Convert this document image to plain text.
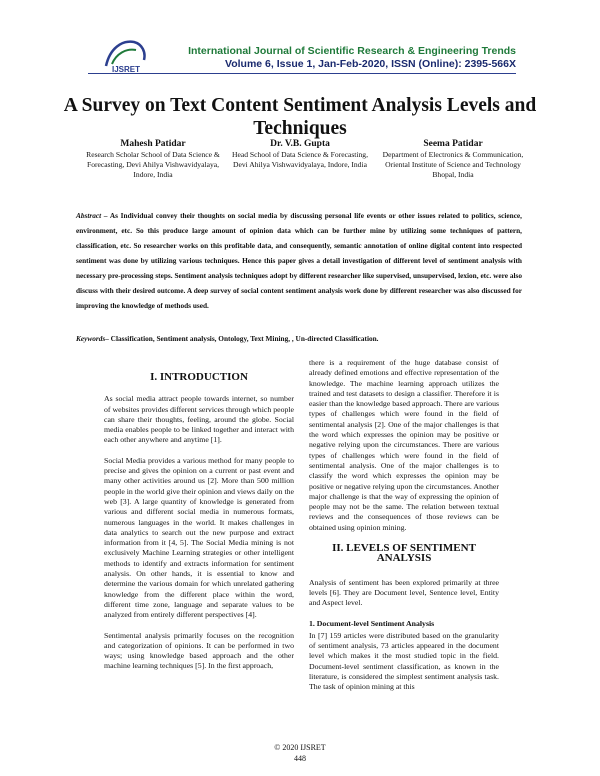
IJSRET
International Journal of Scientific Research & Engineering Trends
Volume 6, Issue 1, Jan-Feb-2020, ISSN (Online): 2395-566X
A Survey on Text Content Sentiment Analysis Levels and Techniques
Mahesh Patidar
Research Scholar School of Data Science & Forecasting, Devi Ahilya Vishwavidyalaya, Indore, India
Dr. V.B. Gupta
Head School of Data Science & Forecasting, Devi Ahilya Vishwavidyalaya, Indore, India
Seema Patidar
Department of Electronics & Communication, Oriental Institute of Science and Technology Bhopal, India
Abstract – As Individual convey their thoughts on social media by discussing personal life events or other issues related to politics, science, environment, etc. So this produce large amount of opinion data which can be further mine by utilizing some techniques of pattern, classification, etc. So researcher works on this profitable data, and consequently, semantic annotation of online digital content into respected sentiment was done by utilizing various techniques. Hence this paper gives a detail investigation of different level of sentiment analysis with necessary pre-processing steps. Sentiment analysis techniques adopt by different researcher like supervised, unsupervised, lexion, etc. were also discuss with their desired outcome. A deep survey of social content sentiment analysis work done by different researcher was also discussed for improving the knowledge of methods used.
Keywords– Classification, Sentiment analysis, Ontology, Text Mining, , Un-directed Classification.
I. INTRODUCTION

As social media attract people towards internet, so number of websites provides different services through which people can share their thoughts, feeling, around the globe. Social media enables people to be linked together and interact with each other anywhere and anytime [1].

Social Media provides a various method for many people to precise and gives the opinion on a current or past event and many other activities around us [2]. More than 500 million people in the world give their opinion and views daily on the web [3]. A large quantity of knowledge is generated from various and different social media in numerous formats, numerous languages in the world. It makes challenges in data analytics to search out the new purpose and extract information from it [4, 5]. The Social Media mining is not exclusively Machine Learning strategies or other intelligent methods to identify and extracts information for sentiment analysis. On other hands, it is essential to know and determine the various domain for which unrelated gathering knowledge from the different place within the word, different time zone, language and separate values to be analyzed from entirely different perspectives [4].

Sentimental analysis primarily focuses on the recognition and categorization of opinions. It can be performed in two ways; using knowledge based approach and the other machine learning techniques [5]. In the first approach,

there is a requirement of the huge database consist of already defined emotions and effective representation of the knowledge. The machine learning approach utilizes the trained and test datasets to design a classifier. Therefore it is easier than the knowledge based approach. There are various types of challenges which were found in the field of sentimental analysis [2]. One of the major challenges is that the word which expresses the opinion may be positive or negative relying upon the circumstances. There are various types of challenges which were found in the field of sentimental analysis. One of the major challenges is to classify the word which expresses the opinion may be positive or negative relying upon the circumstances. Another major challenge is that the way of expressing the opinion of people may not be the same. The relation between textual reviews and the consequences of those reviews can be obtained using opinion mining.

II. LEVELS OF SENTIMENT ANALYSIS

Analysis of sentiment has been explored primarily at three levels [6]. They are Document level, Sentence level, Entity and Aspect level.

1. Document-level Sentiment Analysis

In [7] 159 articles were distributed based on the granularity of sentiment analysis, 73 articles appeared in the document level which makes it the most studied topic in the field. Document-level sentiment classification, as known in the literature, is considered the simplest sentiment analysis task. The task of opinion mining at this

© 2020 IJSRET
448
